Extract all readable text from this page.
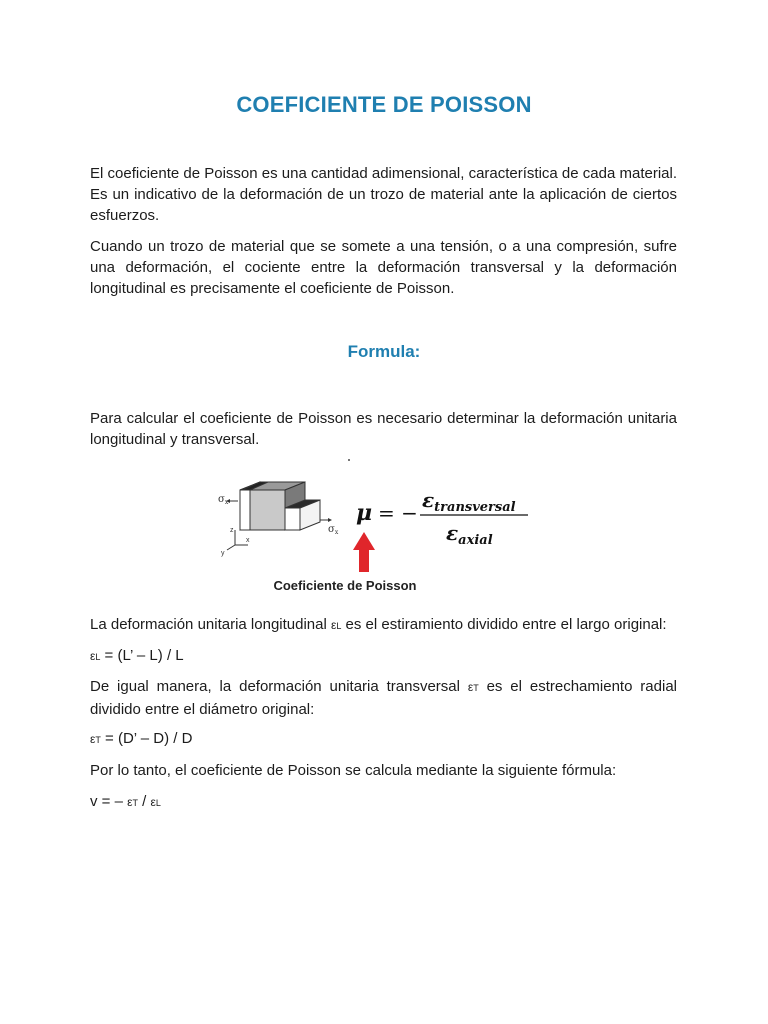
COEFICIENTE DE POISSON

El coeficiente de Poisson es una cantidad adimensional, característica de cada material. Es un indicativo de la deformación de un trozo de material ante la aplicación de ciertos esfuerzos.

Cuando un trozo de material que se somete a una tensión, o a una compresión, sufre una deformación, el cociente entre la deformación transversal y la deformación longitudinal es precisamente el coeficiente de Poisson.

Formula:

Para calcular el coeficiente de Poisson es necesario determinar la deformación unitaria longitudinal y transversal.

$\sigma_x$
$\sigma_x$
z
x
y
μ = −
$\varepsilon_{transversal}$
$\varepsilon_{axial}$
Coeficiente de Poisson

La deformación unitaria longitudinal εL es el estiramiento dividido entre el largo original:

εL = (L’ – L) / L

De igual manera, la deformación unitaria transversal εT es el estrechamiento radial dividido entre el diámetro original:

εT = (D’ – D) / D

Por lo tanto, el coeficiente de Poisson se calcula mediante la siguiente fórmula:

v = – εT / εL
